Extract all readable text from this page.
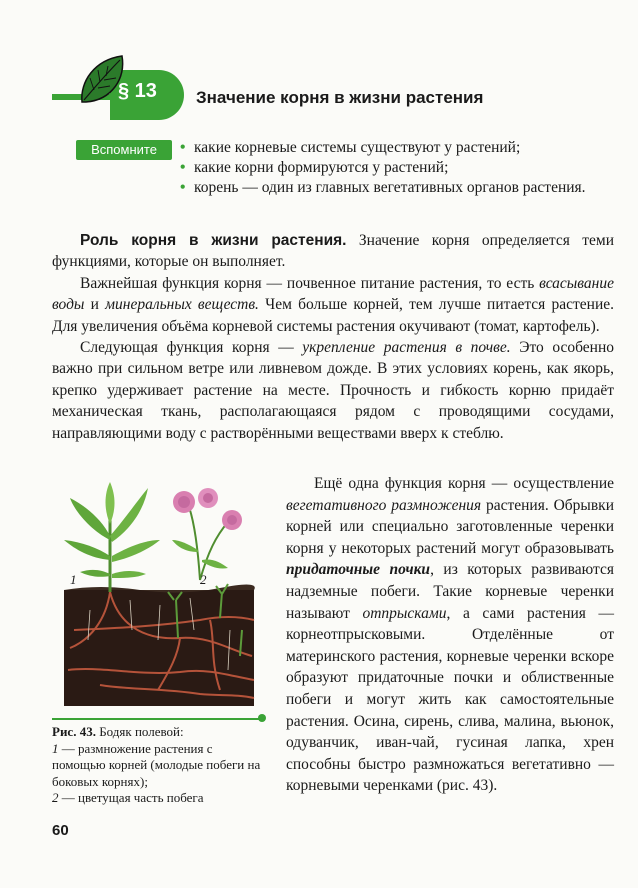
§ 13 Значение корня в жизни растения
Вспомните
•	какие корневые системы существуют у растений;
• какие корни формируются у растений;
• корень — один из главных вегетативных органов растения.

Роль корня в жизни растения. Значение корня определяется теми функциями, которые он выполняет.

Важнейшая функция корня — почвенное питание растения, то есть всасывание воды и минеральных веществ. Чем больше корней, тем лучше питается растение. Для увеличения объёма корневой системы растения окучивают (томат, картофель).

Следующая функция корня — укрепление растения в почве. Это особенно важно при сильном ветре или ливневом дожде. В этих условиях корень, как якорь, крепко удерживает растение на месте. Прочность и гибкость корню придаёт механическая ткань, располагающаяся рядом с проводящими сосудами, направляющими воду с растворёнными веществами вверх к стеблю.

Ещё одна функция корня — осуществление вегетативного размножения растения. Обрывки корней или специально заготовленные черенки корня у некоторых растений могут образовывать придаточные почки, из которых развиваются надземные побеги. Такие корневые черенки называют отпрысками, а сами растения — корнеотпрысковыми. Отделённые от материнского растения, корневые черенки вскоре образуют придаточные почки и облиственные побеги и могут жить как самостоятельные растения. Осина, сирень, слива, малина, вьюнок, одуванчик, иван-чай, гусиная лапка, хрен способны быстро размножаться вегетативно — корневыми черенками (рис. 43).

1	2
Рис. 43. Бодяк полевой:
1 — размножение растения с помощью корней (молодые побеги на боковых корнях);
2 — цветущая часть побега
60
